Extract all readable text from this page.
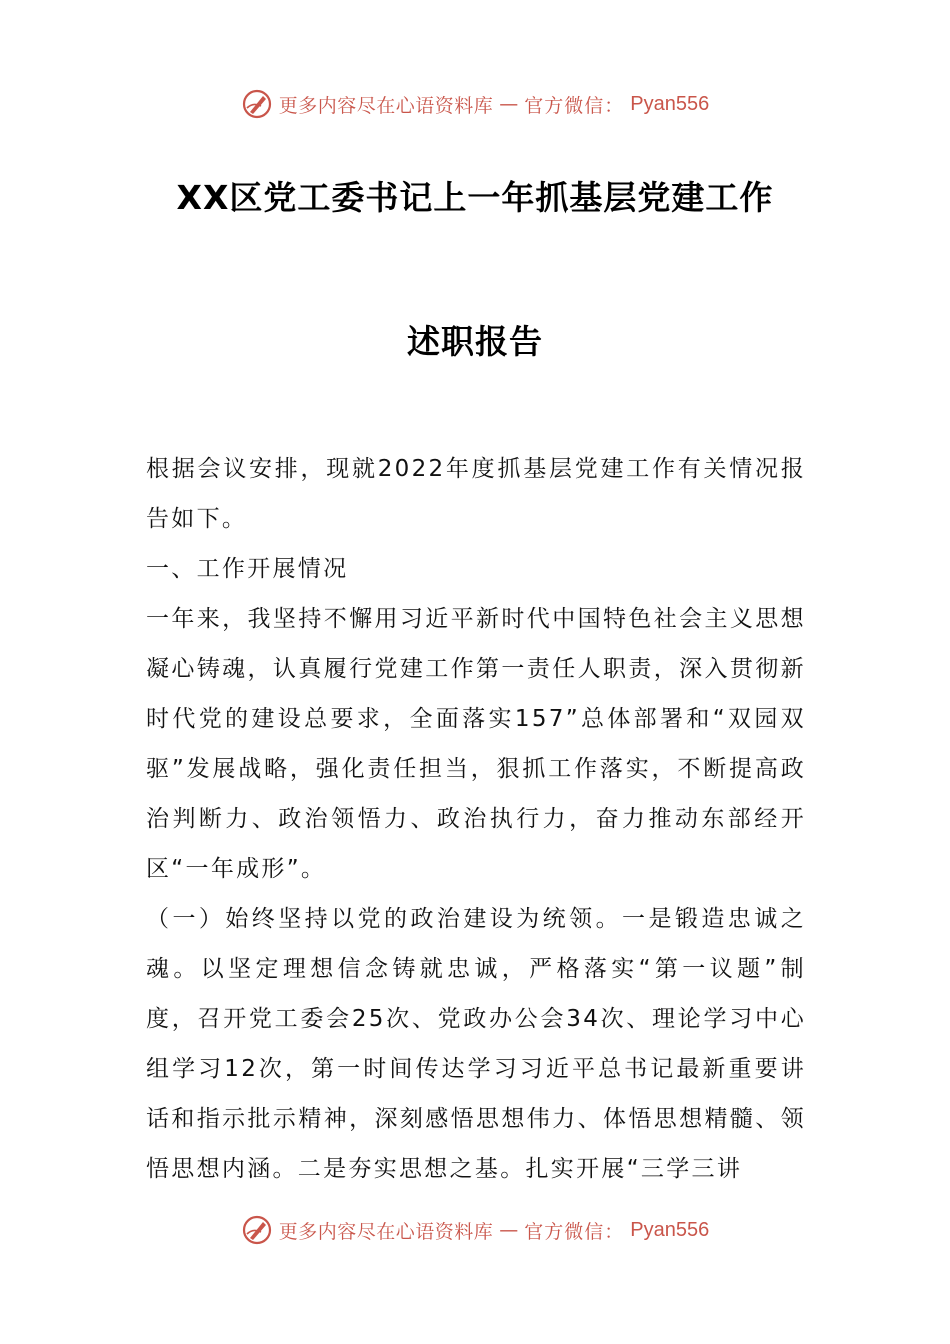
更多内容尽在心语资料库 — 官方微信： Pyan556
XX区党工委书记上一年抓基层党建工作
述职报告

根据会议安排，现就2022年度抓基层党建工作有关情况报告如下。

一、工作开展情况

一年来，我坚持不懈用习近平新时代中国特色社会主义思想凝心铸魂，认真履行党建工作第一责任人职责，深入贯彻新时代党的建设总要求，全面落实157”总体部署和“双园双驱”发展战略，强化责任担当，狠抓工作落实，不断提高政治判断力、政治领悟力、政治执行力，奋力推动东部经开区“一年成形”。

（一）始终坚持以党的政治建设为统领。一是锻造忠诚之魂。以坚定理想信念铸就忠诚，严格落实“第一议题”制度，召开党工委会25次、党政办公会34次、理论学习中心组学习12次，第一时间传达学习习近平总书记最新重要讲话和指示批示精神，深刻感悟思想伟力、体悟思想精髓、领悟思想内涵。二是夯实思想之基。扎实开展“三学三讲

更多内容尽在心语资料库 — 官方微信： Pyan556
